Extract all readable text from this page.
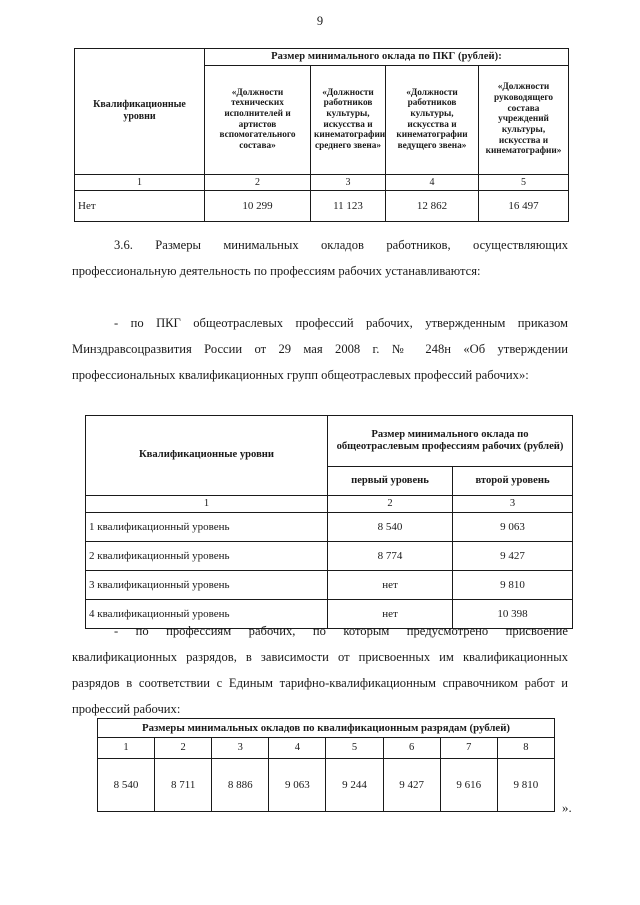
9
Квалификационные уровни	Размер минимального оклада по ПКГ (рублей):			
	«Должности технических исполнителей и артистов вспомогательного состава»	«Должности работников культуры, искусства и кинематографии среднего звена»	«Должности работников культуры, искусства и кинематографии ведущего звена»	«Должности руководящего состава учреждений культуры, искусства и кинематографии»
1	2	3	4	5
Нет	10 299	11 123	12 862	16 497
3.6. Размеры минимальных окладов работников, осуществляющих профессиональную деятельность по профессиям рабочих устанавливаются:
- по ПКГ общеотраслевых профессий рабочих, утвержденным приказом Минздравсоцразвития России от 29 мая 2008 г. № 248н «Об утверждении профессиональных квалификационных групп общеотраслевых профессий рабочих»:
Квалификационные уровни	Размер минимального оклада по общеотраслевым профессиям рабочих (рублей)	
	первый уровень	второй уровень
1	2	3
1 квалификационный уровень	8 540	9 063
2 квалификационный уровень	8 774	9 427
3 квалификационный уровень	нет	9 810
4 квалификационный уровень	нет	10 398
- по профессиям рабочих, по которым предусмотрено присвоение квалификационных разрядов, в зависимости от присвоенных им квалификационных разрядов в соответствии с Единым тарифно-квалификационным справочником работ и профессий рабочих:
Размеры минимальных окладов по квалификационным разрядам (рублей)							
1	2	3	4	5	6	7	8
8 540	8 711	8 886	9 063	9 244	9 427	9 616	9 810
».
